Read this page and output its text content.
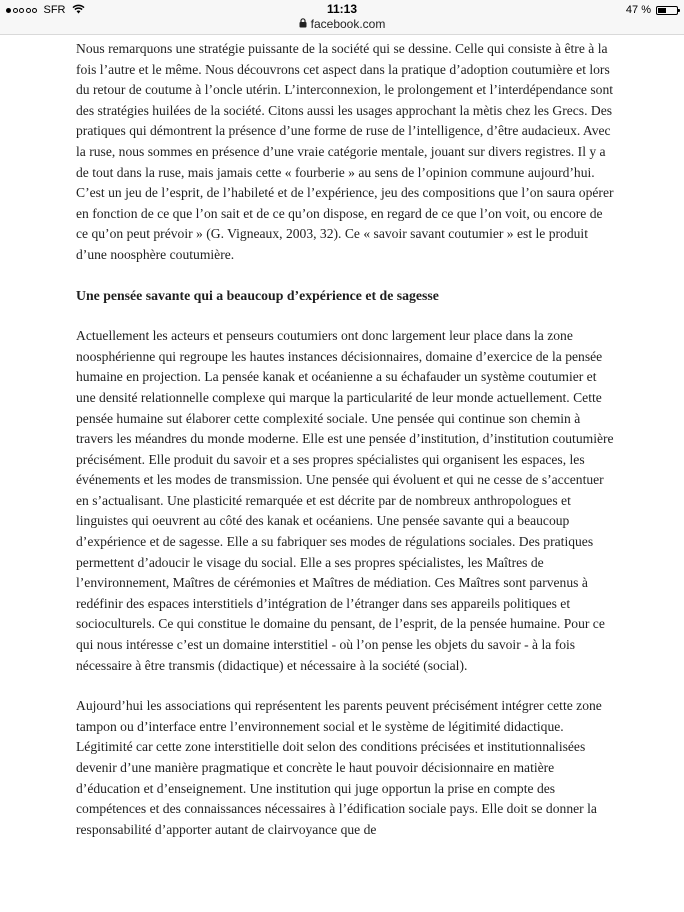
SFR	11:13	47 %
facebook.com

Nous remarquons une stratégie puissante de la société qui se dessine. Celle qui consiste à être à la fois l’autre et le même. Nous découvrons cet aspect dans la pratique d’adoption coutumière et lors du retour de coutume à l’oncle utérin. L’interconnexion, le prolongement et l’interdépendance sont des stratégies huilées de la société. Citons aussi les usages approchant la mètis chez les Grecs. Des pratiques qui démontrent la présence d’une forme de ruse de l’intelligence, d’être audacieux. Avec la ruse, nous sommes en présence d’une vraie catégorie mentale, jouant sur divers registres. Il y a de tout dans la ruse, mais jamais cette « fourberie » au sens de l’opinion commune aujourd’hui. C’est un jeu de l’esprit, de l’habileté et de l’expérience, jeu des compositions que l’on saura opérer en fonction de ce que l’on sait et de ce qu’on dispose, en regard de ce que l’on voit, ou encore de ce qu’on peut prévoir » (G. Vigneaux, 2003, 32). Ce « savoir savant coutumier » est le produit d’une noosphère coutumière.

Une pensée savante qui a beaucoup d’expérience et de sagesse

Actuellement les acteurs et penseurs coutumiers ont donc largement leur place dans la zone noosphérienne qui regroupe les hautes instances décisionnaires, domaine d’exercice de la pensée humaine en projection. La pensée kanak et océanienne a su échafauder un système coutumier et une densité relationnelle complexe qui marque la particularité de leur monde actuellement. Cette pensée humaine sut élaborer cette complexité sociale. Une pensée qui continue son chemin à travers les méandres du monde moderne. Elle est une pensée d’institution, d’institution coutumière précisément. Elle produit du savoir et a ses propres spécialistes qui organisent les espaces, les événements et les modes de transmission. Une pensée qui évoluent et qui ne cesse de s’accentuer en s’actualisant. Une plasticité remarquée et est décrite par de nombreux anthropologues et linguistes qui oeuvrent au côté des kanak et océaniens. Une pensée savante qui a beaucoup d’expérience et de sagesse. Elle a su fabriquer ses modes de régulations sociales. Des pratiques permettent d’adoucir le visage du social. Elle a ses propres spécialistes, les Maîtres de l’environnement, Maîtres de cérémonies et Maîtres de médiation. Ces Maîtres sont parvenus à redéfinir des espaces interstitiels d’intégration de l’étranger dans ses appareils politiques et socioculturels. Ce qui constitue le domaine du pensant, de l’esprit, de la pensée humaine. Pour ce qui nous intéresse c’est un domaine interstitiel - où l’on pense les objets du savoir - à la fois nécessaire à être transmis (didactique) et nécessaire à la société (social).

Aujourd’hui les associations qui représentent les parents peuvent précisément intégrer cette zone tampon ou d’interface entre l’environnement social et le système de légitimité didactique. Légitimité car cette zone interstitielle doit selon des conditions précisées et institutionnalisées devenir d’une manière pragmatique et concrète le haut pouvoir décisionnaire en matière d’éducation et d’enseignement. Une institution qui juge opportun la prise en compte des compétences et des connaissances nécessaires à l’édification sociale pays. Elle doit se donner la responsabilité d’apporter autant de clairvoyance que de
